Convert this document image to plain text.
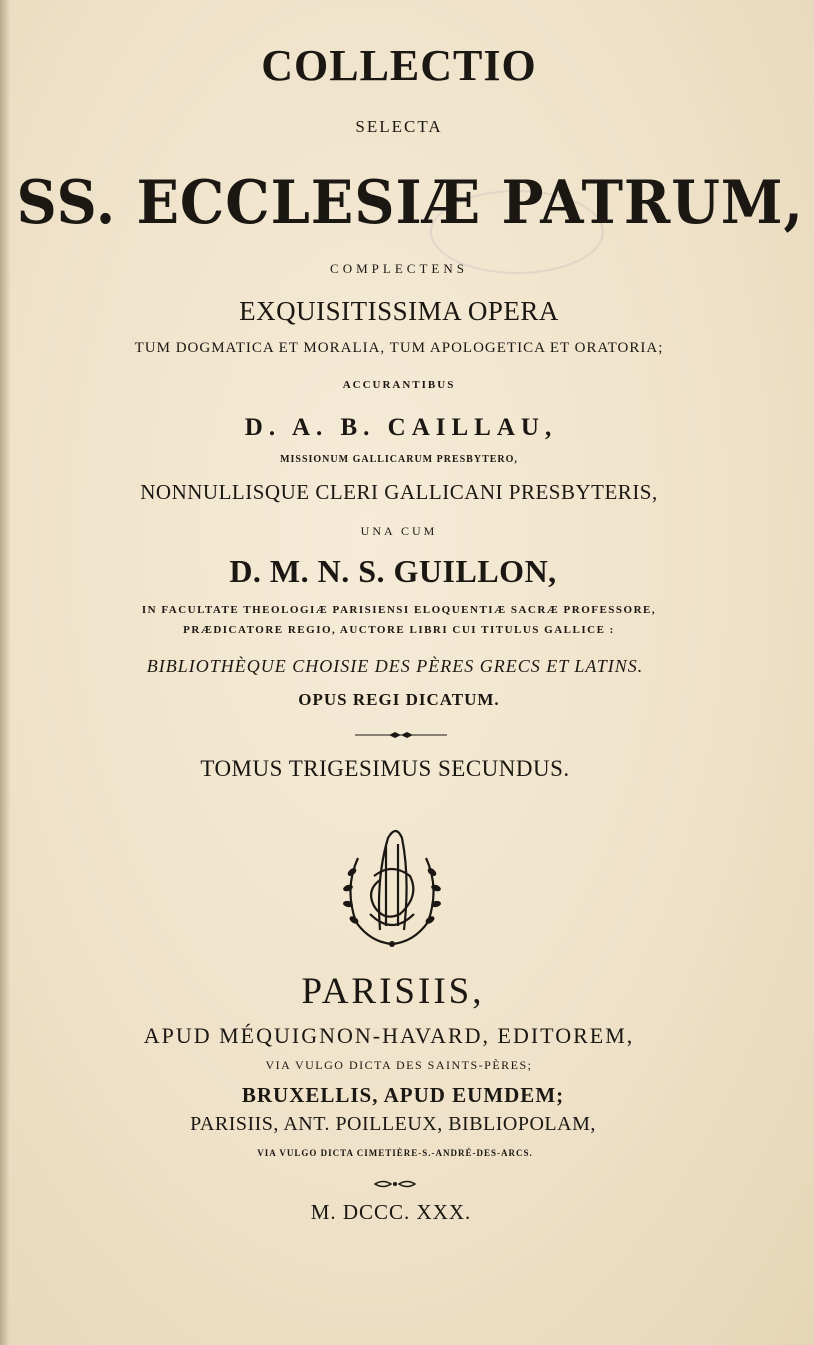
COLLECTIO
SELECTA
SS. ECCLESIÆ PATRUM,
COMPLECTENS
EXQUISITISSIMA OPERA
TUM DOGMATICA ET MORALIA, TUM APOLOGETICA ET ORATORIA;
ACCURANTIBUS
D. A. B. CAILLAU,
MISSIONUM GALLICARUM PRESBYTERO,
NONNULLISQUE CLERI GALLICANI PRESBYTERIS,
UNA CUM
D. M. N. S. GUILLON,
IN FACULTATE THEOLOGIÆ PARISIENSI ELOQUENTIÆ SACRÆ PROFESSORE,
PRÆDICATORE REGIO, AUCTORE LIBRI CUI TITULUS GALLICE :
BIBLIOTHÈQUE CHOISIE DES PÈRES GRECS ET LATINS.
OPUS REGI DICATUM.
TOMUS TRIGESIMUS SECUNDUS.
PARISIIS,
APUD MÉQUIGNON-HAVARD, EDITOREM,
VIA VULGO DICTA DES SAINTS-PÈRES;
BRUXELLIS, APUD EUMDEM;
PARISIIS, ANT. POILLEUX, BIBLIOPOLAM,
VIA VULGO DICTA CIMETIÈRE-S.-ANDRÉ-DES-ARCS.
M. DCCC. XXX.
